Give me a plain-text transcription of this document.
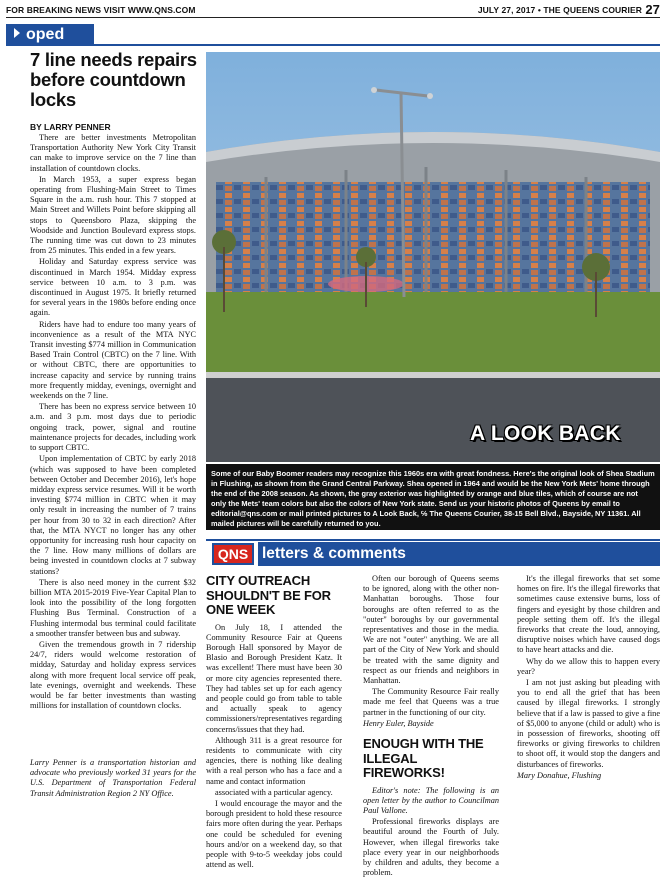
FOR BREAKING NEWS VISIT WWW.QNS.COM	JULY 27, 2017 • THE QUEENS COURIER 27
oped
7 line needs repairs before countdown locks
BY LARRY PENNER

There are better investments Metropolitan Transportation Authority New York City Transit can make to improve service on the 7 line than installation of countdown clocks.

In March 1953, a super express began operating from Flushing-Main Street to Times Square in the a.m. rush hour. This 7 stopped at Main Street and Willets Point before skipping all stops to Queensboro Plaza, skipping the Woodside and Junction Boulevard express stops. The running time was cut down to 23 minutes from 25 minutes. This ended in a few years.

Holiday and Saturday express service was discontinued in March 1954. Midday express service between 10 a.m. to 3 p.m. was discontinued in August 1975. It briefly returned for several years in the 1980s before ending once again.

Riders have had to endure too many years of inconvenience as a result of the MTA NYC Transit investing $774 million in Communication Based Train Control (CBTC) on the 7 line. With or without CBTC, there are opportunities to increase capacity and service by running trains more frequently midday, evenings, overnight and weekends on the 7 line.

There has been no express service between 10 a.m. and 3 p.m. most days due to periodic ongoing track, power, signal and routine maintenance projects for decades, including work to support CBTC.

Upon implementation of CBTC by early 2018 (which was supposed to have been completed between October and December 2016), let's hope midday express service resumes. Will it be worth investing $774 million in CBTC when it may only result in increasing the number of 7 trains per hour from 30 to 32 in each direction? After that, the MTA NYCT no longer has any other opportunity for increasing rush hour capacity on the 7 line. How many millions of dollars are being invested in countdown clocks at 7 subway stations?

There is also need money in the current $32 billion MTA 2015-2019 Five-Year Capital Plan to look into the possibility of the long forgotten Flushing Bus Terminal. Construction of a Flushing intermodal bus terminal could facilitate a smoother transfer between bus and subway.

Given the tremendous growth in 7 ridership 24/7, riders would welcome restoration of midday, Saturday and holiday express services along with more frequent local service off peak, late evenings, overnight and weekends. These would be far better investments than wasting millions for installation of countdown clocks.

Larry Penner is a transportation historian and advocate who previously worked 31 years for the U.S. Department of Transportation Federal Transit Administration Region 2 NY Office.
A LOOK BACK
Some of our Baby Boomer readers may recognize this 1960s era with great fondness. Here's the original look of Shea Stadium in Flushing, as shown from the Grand Central Parkway. Shea opened in 1964 and would be the New York Mets' home through the end of the 2008 season. As shown, the gray exterior was highlighted by orange and blue tiles, which of course are not only the Mets' team colors but also the colors of New York state. Send us your historic photos of Queens by email to editorial@qns.com or mail printed pictures to A Look Back, ℅ The Queens Courier, 38-15 Bell Blvd., Bayside, NY 11361. All mailed pictures will be carefully returned to you.
QNS letters & comments
CITY OUTREACH SHOULDN'T BE FOR ONE WEEK

On July 18, I attended the Community Resource Fair at Queens Borough Hall sponsored by Mayor de Blasio and Borough President Katz. It was excellent! There must have been 30 or more city agencies represented there. They had tables set up for each agency and people could go from table to table and actually speak to agency commissioners/representatives regarding concerns/issues that they had.

Although 311 is a great resource for residents to communicate with city agencies, there is nothing like dealing with a real person who has a face and a name and contact information

associated with a particular agency.

I would encourage the mayor and the borough president to hold these resource fairs more often during the year. Perhaps one could be scheduled for evening hours and/or on a weekend day, so that people with 9-to-5 weekday jobs could attend as well.

Often our borough of Queens seems to be ignored, along with the other non-Manhattan boroughs. Those four boroughs are often referred to as the "outer" boroughs by our governmental representatives and those in the media. We are not "outer" anything. We are all part of the City of New York and should be treated with the same dignity and respect as our friends and neighbors in Manhattan.

The Community Resource Fair really made me feel that Queens was a true partner in the functioning of our city.

Henry Euler, Bayside

ENOUGH WITH THE ILLEGAL FIREWORKS!

Editor's note: The following is an open letter by the author to Councilman Paul Vallone.

Professional fireworks displays are beautiful around the Fourth of July. However, when illegal fireworks take place every year in our neighborhoods by children and adults, they become a problem.

It's the illegal fireworks that set some homes on fire. It's the illegal fireworks that sometimes cause extensive burns, loss of fingers and eyesight by those children and people setting them off. It's the illegal fireworks that create the loud, annoying, disruptive noises which have caused dogs to have heart attacks and die.

Why do we allow this to happen every year?

I am not just asking but pleading with you to end all the grief that has been caused by illegal fireworks. I strongly believe that if a law is passed to give a fine of $5,000 to anyone (child or adult) who is in possession of fireworks, shooting off fireworks or giving fireworks to children to shoot off, it would stop the dangers and disturbances of fireworks.

Mary Donahue, Flushing
